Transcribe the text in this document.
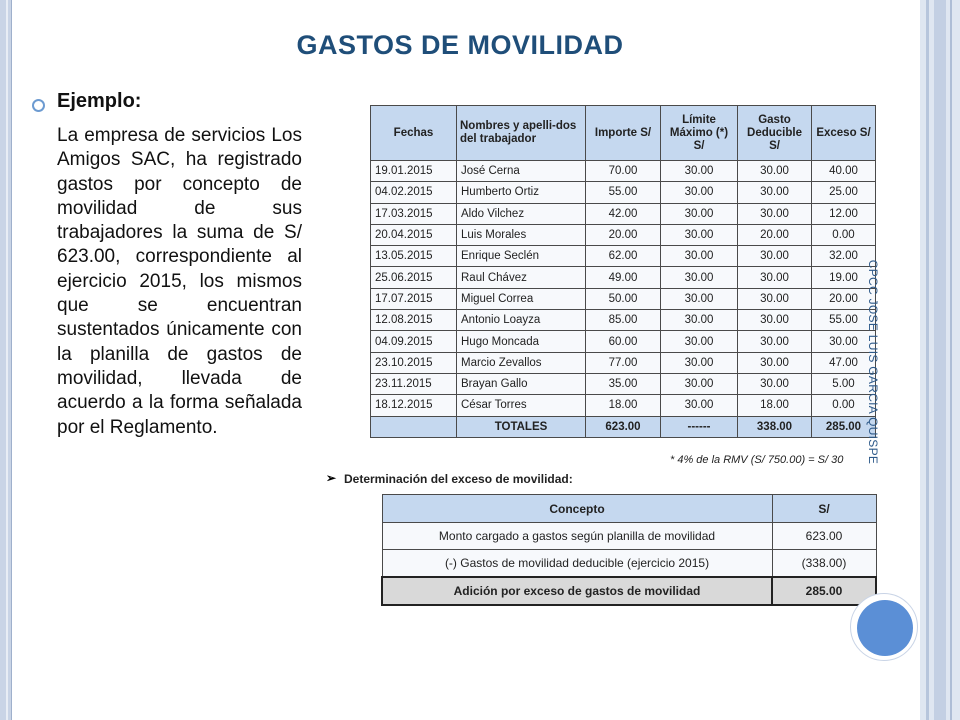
GASTOS DE MOVILIDAD
Ejemplo:
La empresa de servicios Los Amigos SAC, ha registrado gastos por concepto de movilidad de sus trabajadores la suma de S/ 623.00, correspondiente al ejercicio 2015, los mismos que se encuentran sustentados únicamente con la planilla de gastos de movilidad, llevada de acuerdo a la forma señalada por el Reglamento.
Fechas	Nombres y apelli-dos del trabajador	Importe S/	Límite Máximo (*) S/	Gasto Deducible S/	Exceso S/
19.01.2015	José Cerna	70.00	30.00	30.00	40.00
04.02.2015	Humberto Ortiz	55.00	30.00	30.00	25.00
17.03.2015	Aldo Vilchez	42.00	30.00	30.00	12.00
20.04.2015	Luis Morales	20.00	30.00	20.00	0.00
13.05.2015	Enrique Seclén	62.00	30.00	30.00	32.00
25.06.2015	Raul Chávez	49.00	30.00	30.00	19.00
17.07.2015	Miguel Correa	50.00	30.00	30.00	20.00
12.08.2015	Antonio Loayza	85.00	30.00	30.00	55.00
04.09.2015	Hugo Moncada	60.00	30.00	30.00	30.00
23.10.2015	Marcio Zevallos	77.00	30.00	30.00	47.00
23.11.2015	Brayan Gallo	35.00	30.00	30.00	5.00
18.12.2015	César Torres	18.00	30.00	18.00	0.00
	TOTALES	623.00	------	338.00	285.00
* 4% de la RMV (S/ 750.00) = S/ 30
➢ Determinación del exceso de movilidad:
Concepto	S/
Monto cargado a gastos según planilla de movilidad	623.00
(-) Gastos de movilidad deducible (ejercicio 2015)	(338.00)
Adición por exceso de gastos de movilidad	285.00
CPCC JOSE LUIS GARCIA QUISPE
